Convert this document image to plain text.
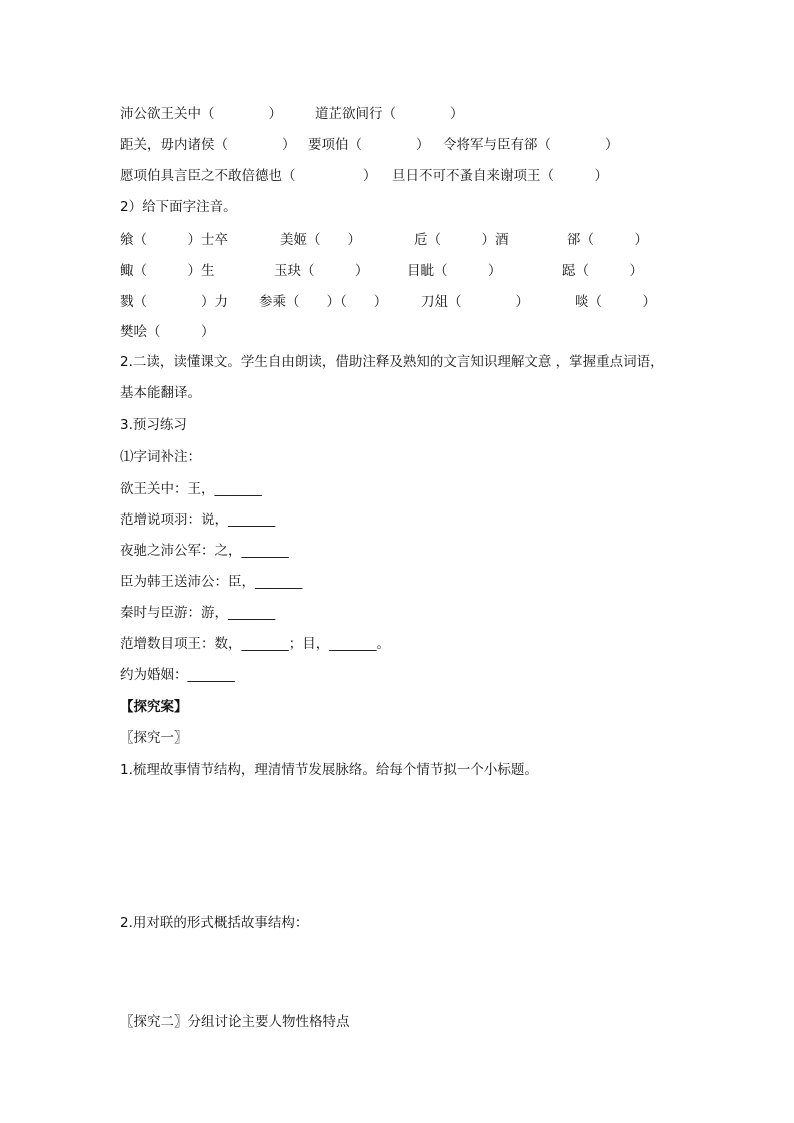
沛公欲王关中（　　　　） 道芷欲间行（　　　　）
距关，毋内诸侯（　　　　） 要项伯（　　　　） 令将军与臣有郤（　　　　）
愿项伯具言臣之不敢倍德也（　　　　　） 旦日不可不蚤自来谢项王（　　　）
2）给下面字注音。
飨（　　　）士卒	美姬（　　）	卮（　　　）酒	郤（　　　）
鲰（　　　）生	玉玦（　　　）	目眦（　　　）	跽（　　　）
戮（　　　　）力 参乘（　　）（　　）	刀俎（　　　　）	啖（　　　）
樊哙（　　　）
2.二读，读懂课文。学生自由朗读，借助注释及熟知的文言知识理解文意 ，掌握重点词语，
基本能翻译。
3.预习练习
⑴字词补注：
欲王关中：王，_______
范增说项羽：说，_______
夜驰之沛公军：之，_______
臣为韩王送沛公：臣，_______
秦时与臣游：游，_______
范增数目项王：数，_______；目，_______。
约为婚姻：_______
【探究案】
〖探究一〗
1.梳理故事情节结构，理清情节发展脉络。给每个情节拟一个小标题。
2.用对联的形式概括故事结构：
〖探究二〗分组讨论主要人物性格特点
